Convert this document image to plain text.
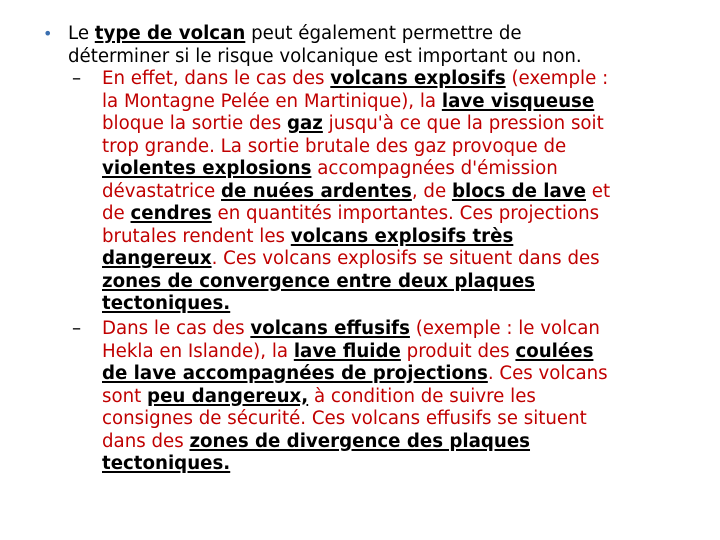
• Le type de volcan peut également permettre de
déterminer si le risque volcanique est important ou non.
– En effet, dans le cas des volcans explosifs (exemple :
la Montagne Pelée en Martinique), la lave visqueuse
bloque la sortie des gaz jusqu'à ce que la pression soit
trop grande. La sortie brutale des gaz provoque de
violentes explosions accompagnées d'émission
dévastatrice de nuées ardentes, de blocs de lave et
de cendres en quantités importantes. Ces projections
brutales rendent les volcans explosifs très
dangereux. Ces volcans explosifs se situent dans des
zones de convergence entre deux plaques
tectoniques.
– Dans le cas des volcans effusifs (exemple : le volcan
Hekla en Islande), la lave fluide produit des coulées
de lave accompagnées de projections. Ces volcans
sont peu dangereux, à condition de suivre les
consignes de sécurité. Ces volcans effusifs se situent
dans des zones de divergence des plaques
tectoniques.
